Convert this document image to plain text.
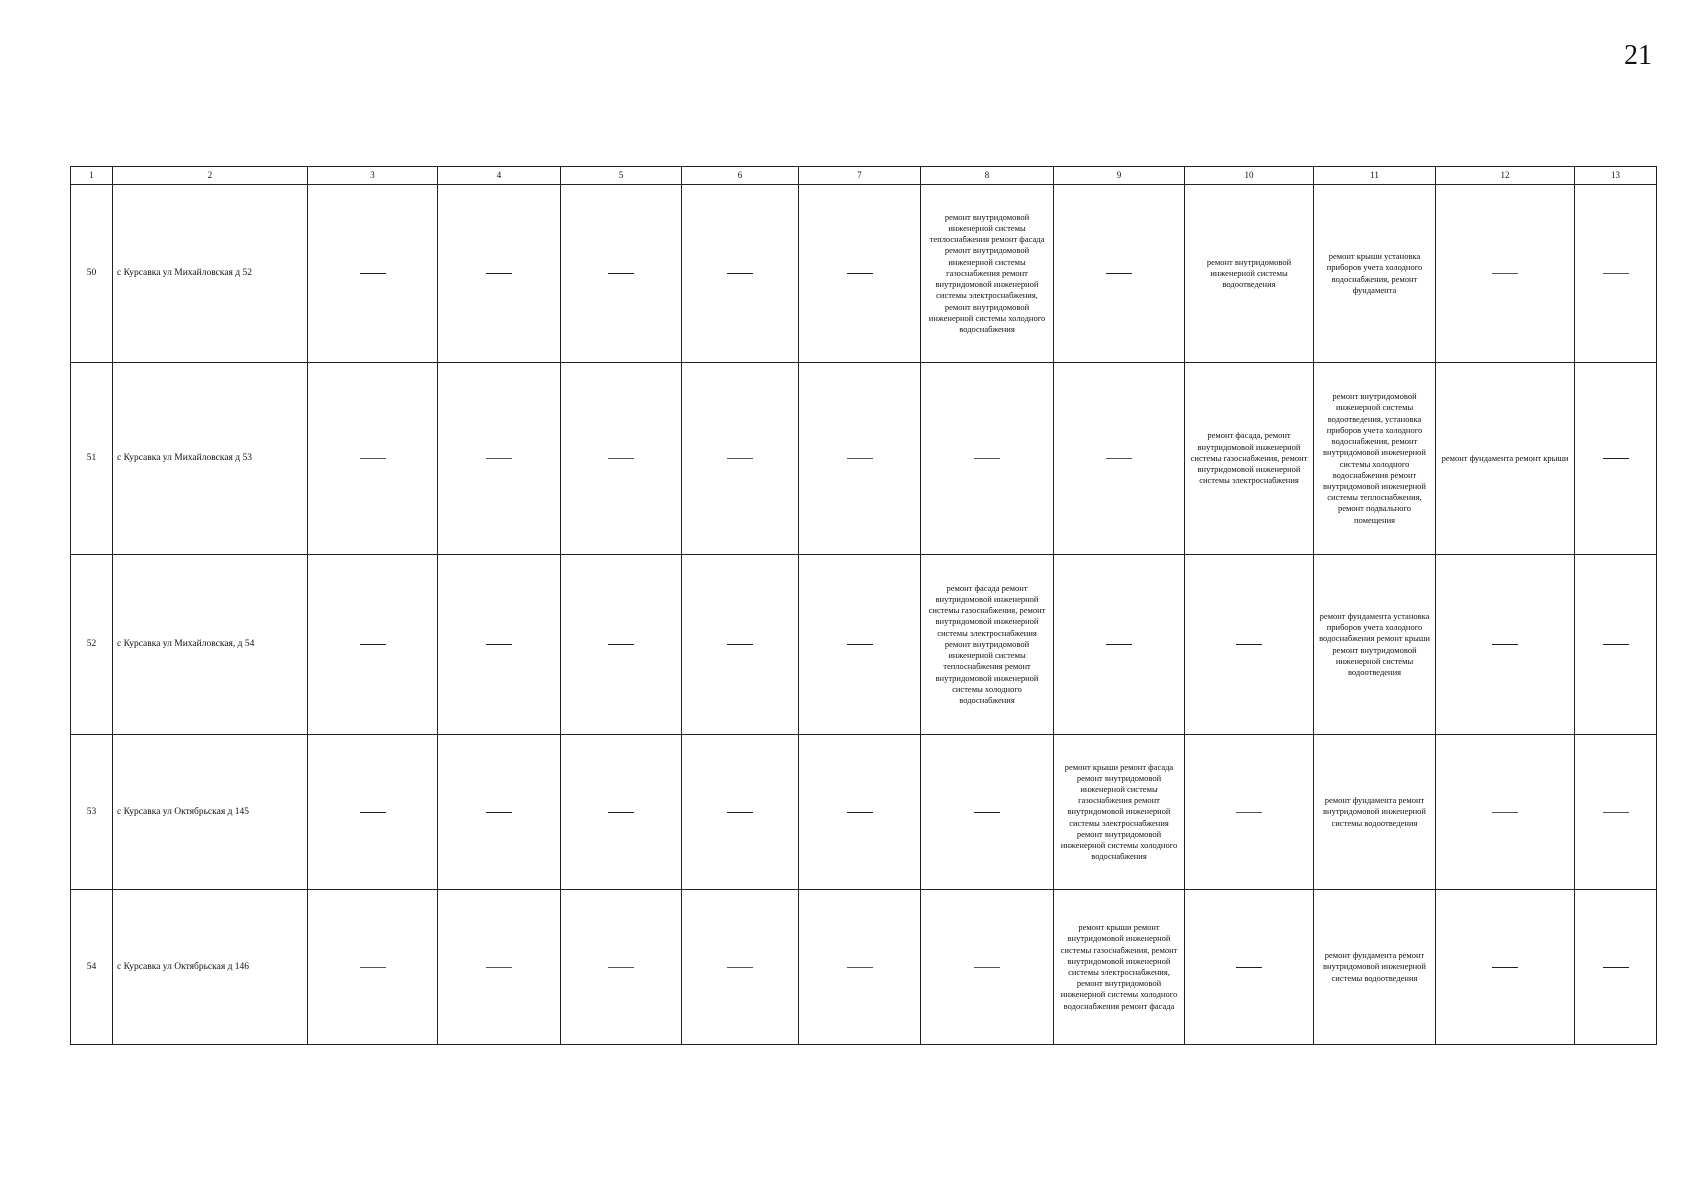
21
1	2	3	4	5	6	7	8	9	10	11	12	13
50	с Курсавка ул Михайловская д 52						ремонт внутридомовой инженерной системы теплоснабжения ремонт фасада ремонт внутридомовой инженерной системы газоснабжения ремонт внутридомовой инженерной системы электроснабжения, ремонт внутридомовой инженерной системы холодного водоснабжения		ремонт внутридомовой инженерной системы водоотведения	ремонт крыши установка приборов учета холодного водоснабжения, ремонт фундамента		
51	с Курсавка ул Михайловская д 53								ремонт фасада, ремонт внутридомовой инженерной системы газоснабжения, ремонт внутридомовой инженерной системы электроснабжения	ремонт внутридомовой инженерной системы водоотведения, установка приборов учета холодного водоснабжения, ремонт внутридомовой инженерной системы холодного водоснабжения ремонт внутридомовой инженерной системы теплоснабжения, ремонт подвального помещения	ремонт фундамента ремонт крыши	
52	с Курсавка ул Михайловская, д 54						ремонт фасада ремонт внутридомовой инженерной системы газоснабжения, ремонт внутридомовой инженерной системы электроснабжения ремонт внутридомовой инженерной системы теплоснабжения ремонт внутридомовой инженерной системы холодного водоснабжения			ремонт фундамента установка приборов учета холодного водоснабжения ремонт крыши ремонт внутридомовой инженерной системы водоотведения		
53	с Курсавка ул Октябрьская д 145							ремонт крыши ремонт фасада ремонт внутридомовой инженерной системы газоснабжения ремонт внутридомовой инженерной системы электроснабжения ремонт внутридомовой инженерной системы холодного водоснабжения		ремонт фундамента ремонт внутридомовой инженерной системы водоотведения		
54	с Курсавка ул Октябрьская д 146							ремонт крыши ремонт внутридомовой инженерной системы газоснабжения, ремонт внутридомовой инженерной системы электроснабжения, ремонт внутридомовой инженерной системы холодного водоснабжения ремонт фасада		ремонт фундамента ремонт внутридомовой инженерной системы водоотведения		
